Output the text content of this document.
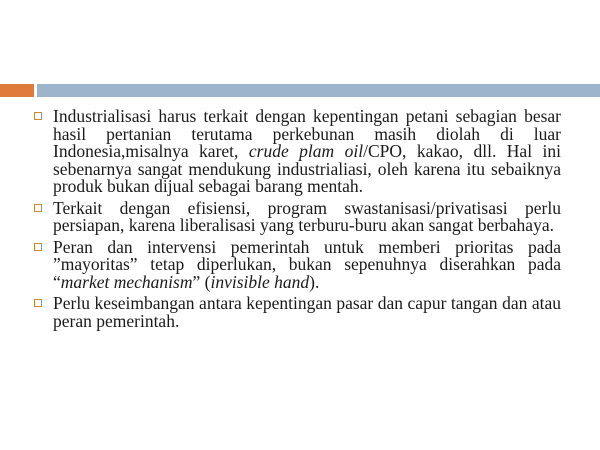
Industrialisasi harus terkait dengan kepentingan petani sebagian besar hasil pertanian terutama perkebunan masih diolah di luar Indonesia,misalnya karet, crude plam oil/CPO, kakao, dll. Hal ini sebenarnya sangat mendukung industrialiasi, oleh karena itu sebaiknya produk bukan dijual sebagai barang mentah.
Terkait dengan efisiensi, program swastanisasi/privatisasi perlu persiapan, karena liberalisasi yang terburu-buru akan sangat berbahaya.
Peran dan intervensi pemerintah untuk memberi prioritas pada ”mayoritas” tetap diperlukan, bukan sepenuhnya diserahkan pada “market mechanism” (invisible hand).
Perlu keseimbangan antara kepentingan pasar dan capur tangan dan atau peran pemerintah.
